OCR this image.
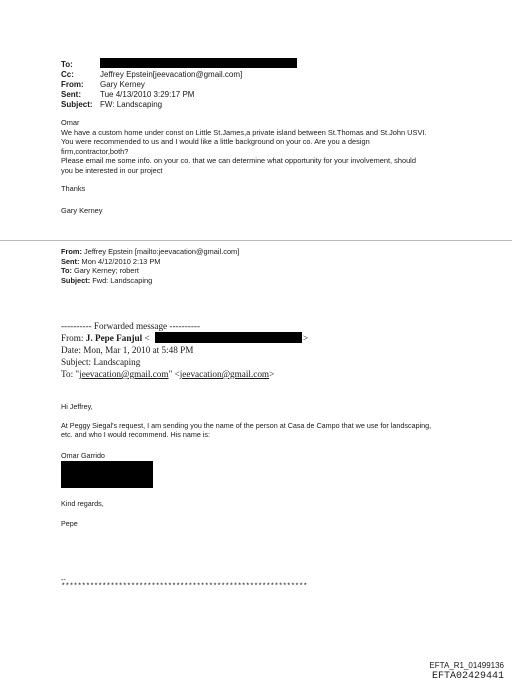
To:
Cc:	Jeffrey Epstein[jeevacation@gmail.com]
From: Gary Kerney
Sent: Tue 4/13/2010 3:29:17 PM
Subject: FW: Landscaping

Omar

We have a custom home under const on Little St.James,a private island between St.Thomas and St.John USVI.

You were recommended to us and I would like a little background on your co. Are you a design

firm,contractor,both?

Please email me some info. on your co. that we can determine what opportunity for your involvement, should

you be interested in our project

Thanks
Gary Kerney
From: Jeffrey Epstein [mailto:jeevacation@gmail.com]
Sent: Mon 4/12/2010 2:13 PM
To: Gary Kerney; robert
Subject: Fwd: Landscaping
---------- Forwarded message ----------
From: J. Pepe Fanjul <	>
Date: Mon, Mar 1, 2010 at 5:48 PM
Subject: Landscaping
To: "jeevacation@gmail.com" <jeevacation@gmail.com>
Hi Jeffrey,
At Peggy Siegal's request, I am sending you the name of the person at Casa de Campo that we use for landscaping, etc. and who I would recommend. His name is:
Omar Garrido
Kind regards,
Pepe
--
************************************************************
EFTA_R1_01499136
EFTA02429441
